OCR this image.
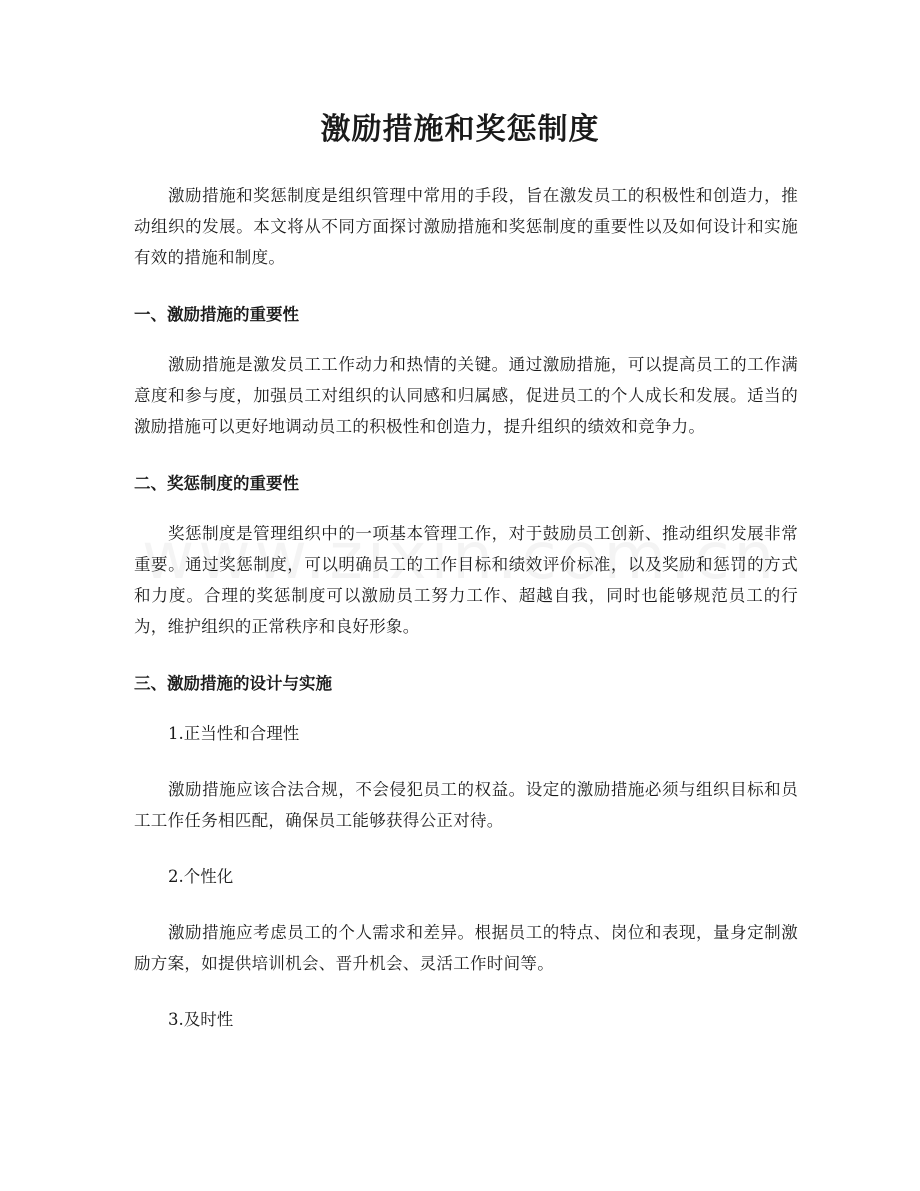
激励措施和奖惩制度

激励措施和奖惩制度是组织管理中常用的手段，旨在激发员工的积极性和创造力，推动组织的发展。本文将从不同方面探讨激励措施和奖惩制度的重要性以及如何设计和实施有效的措施和制度。

一、激励措施的重要性

激励措施是激发员工工作动力和热情的关键。通过激励措施，可以提高员工的工作满意度和参与度，加强员工对组织的认同感和归属感，促进员工的个人成长和发展。适当的激励措施可以更好地调动员工的积极性和创造力，提升组织的绩效和竞争力。

二、奖惩制度的重要性

奖惩制度是管理组织中的一项基本管理工作，对于鼓励员工创新、推动组织发展非常重要。通过奖惩制度，可以明确员工的工作目标和绩效评价标准，以及奖励和惩罚的方式和力度。合理的奖惩制度可以激励员工努力工作、超越自我，同时也能够规范员工的行为，维护组织的正常秩序和良好形象。

三、激励措施的设计与实施

1.正当性和合理性

激励措施应该合法合规，不会侵犯员工的权益。设定的激励措施必须与组织目标和员工工作任务相匹配，确保员工能够获得公正对待。

2.个性化

激励措施应考虑员工的个人需求和差异。根据员工的特点、岗位和表现，量身定制激励方案，如提供培训机会、晋升机会、灵活工作时间等。

3.及时性
